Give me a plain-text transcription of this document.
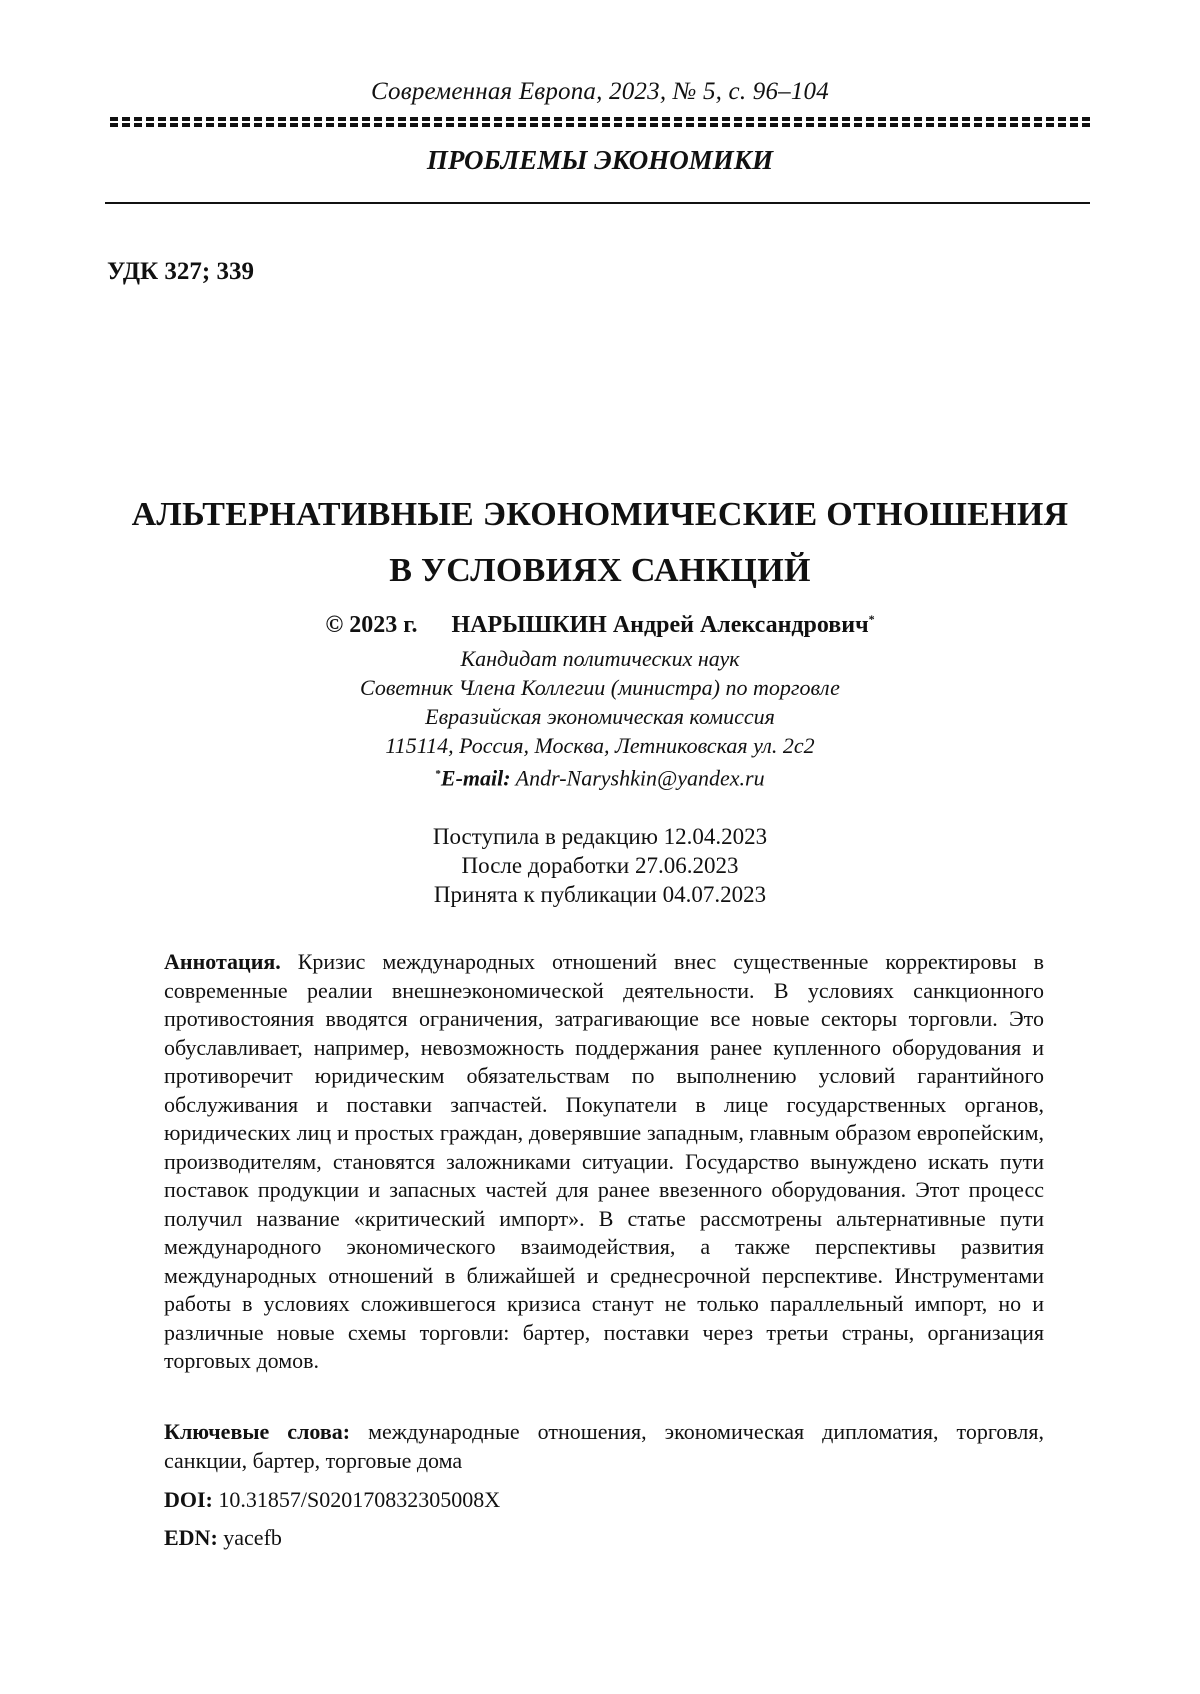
Современная Европа, 2023, № 5, с. 96–104
ПРОБЛЕМЫ ЭКОНОМИКИ
УДК 327; 339
АЛЬТЕРНАТИВНЫЕ ЭКОНОМИЧЕСКИЕ ОТНОШЕНИЯ
В УСЛОВИЯХ САНКЦИЙ
© 2023 г. НАРЫШКИН Андрей Александрович*
Кандидат политических наук
Советник Члена Коллегии (министра) по торговле
Евразийская экономическая комиссия
115114, Россия, Москва, Летниковская ул. 2с2
*E-mail: Andr-Naryshkin@yandex.ru
Поступила в редакцию 12.04.2023
После доработки 27.06.2023
Принята к публикации 04.07.2023
Аннотация. Кризис международных отношений внес существенные корректировы в современные реалии внешнеэкономической деятельности. В условиях санкционного противостояния вводятся ограничения, затрагивающие все новые секторы торговли. Это обуславливает, например, невозможность поддержания ранее купленного оборудования и противоречит юридическим обязательствам по выполнению условий гарантийного обслуживания и поставки запчастей. Покупатели в лице государственных органов, юридических лиц и простых граждан, доверявшие западным, главным образом европейским, производителям, становятся заложниками ситуации. Государство вынуждено искать пути поставок продукции и запасных частей для ранее ввезенного оборудования. Этот процесс получил название «критический импорт». В статье рассмотрены альтернативные пути международного экономического взаимодействия, а также перспективы развития международных отношений в ближайшей и среднесрочной перспективе. Инструментами работы в условиях сложившегося кризиса станут не только параллельный импорт, но и различные новые схемы торговли: бартер, поставки через третьи страны, организация торговых домов.
Ключевые слова: международные отношения, экономическая дипломатия, торговля, санкции, бартер, торговые дома
DOI: 10.31857/S020170832305008X
EDN: yacefb
